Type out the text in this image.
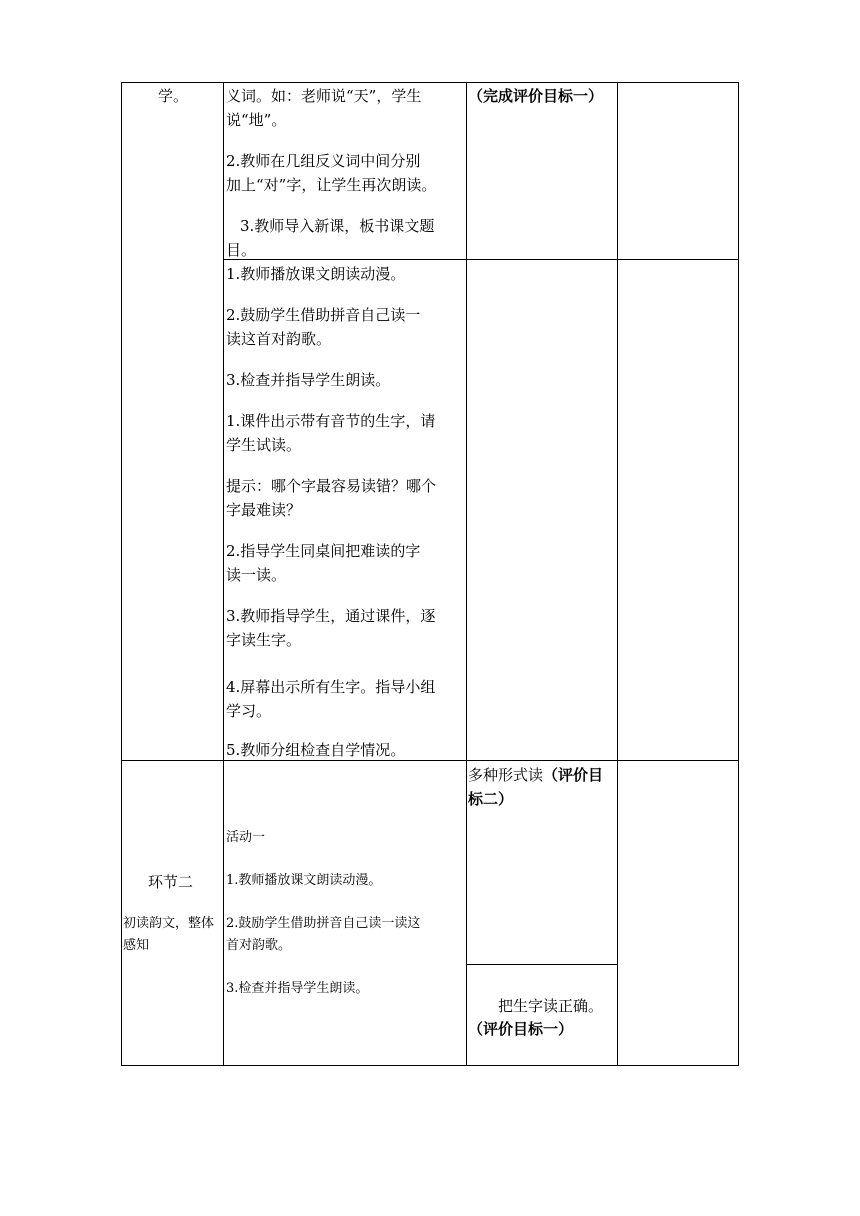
学。	义词。如：老师说“天”，学生
说“地”。
2.教师在几组反义词中间分别
加上“对”字，让学生再次朗读。
3.教师导入新课，板书课文题
目。
（完成评价目标一）
1.教师播放课文朗读动漫。
2.鼓励学生借助拼音自己读一
读这首对韵歌。
3.检查并指导学生朗读。
1.课件出示带有音节的生字，请
学生试读。
提示：哪个字最容易读错？哪个
字最难读？
2.指导学生同桌间把难读的字
读一读。
3.教师指导学生，通过课件，逐
字读生字。
4.屏幕出示所有生字。指导小组
学习。
5.教师分组检查自学情况。
环节二
初读韵文，整体
感知
活动一
1.教师播放课文朗读动漫。
2.鼓励学生借助拼音自己读一读这
首对韵歌。
3.检查并指导学生朗读。
多种形式读（评价目
标二）
把生字读正确。
（评价目标一）
